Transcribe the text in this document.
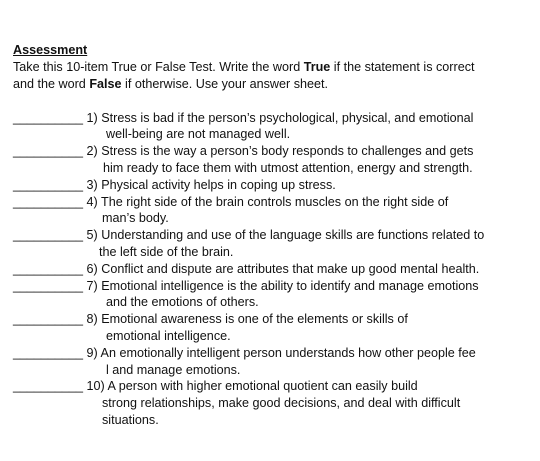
Assessment

Take this 10-item True or False Test. Write the word True if the statement is correct
and the word False if otherwise. Use your answer sheet.

__________ 1) Stress is bad if the person’s psychological, physical, and emotional
well-being are not managed well.
__________ 2) Stress is the way a person’s body responds to challenges and gets
him ready to face them with utmost attention, energy and strength.
__________ 3) Physical activity helps in coping up stress.
__________ 4) The right side of the brain controls muscles on the right side of
man’s body.
__________ 5) Understanding and use of the language skills are functions related to
the left side of the brain.
__________ 6) Conflict and dispute are attributes that make up good mental health.
__________ 7) Emotional intelligence is the ability to identify and manage emotions
and the emotions of others.
__________ 8) Emotional awareness is one of the elements or skills of
emotional intelligence.
__________ 9) An emotionally intelligent person understands how other people fee
l and manage emotions.
__________ 10) A person with higher emotional quotient can easily build
strong relationships, make good decisions, and deal with difficult
situations.
